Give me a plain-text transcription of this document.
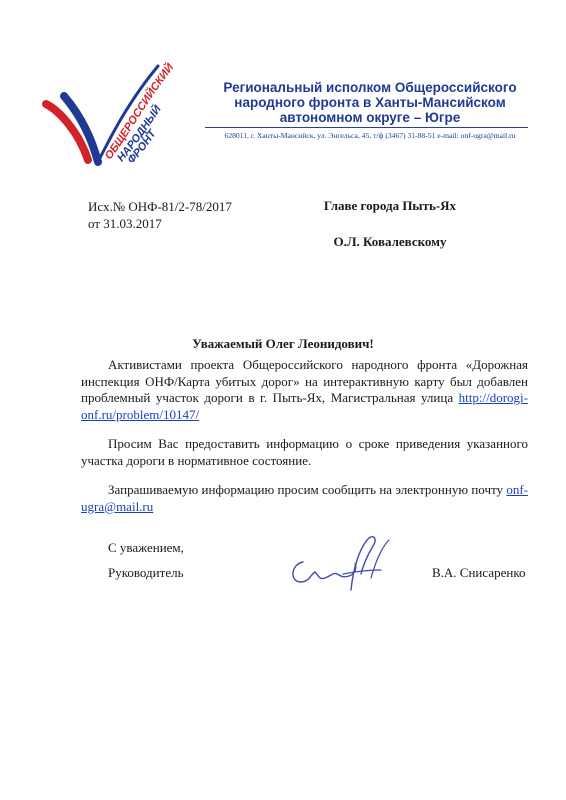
ОБЩЕРОССИЙСКИЙ
НАРОДНЫЙ
ФРОНТ
Региональный исполком Общероссийского
народного фронта в Ханты-Мансийском
автономном округе – Югре
628011, г. Ханты-Мансийск, ул. Энгельса, 45, т/ф (3467) 31-88-51 e-mail: onf-ugra@mail.ru
Исх.№ ОНФ-81/2-78/2017
от 31.03.2017
Главе города Пыть-Ях
О.Л. Ковалевскому
Уважаемый Олег Леонидович!

Активистами проекта Общероссийского народного фронта «Дорожная инспекция ОНФ/Карта убитых дорог» на интерактивную карту был добавлен проблемный участок дороги в г. Пыть-Ях, Магистральная улица http://dorogi-onf.ru/problem/10147/

Просим Вас предоставить информацию о сроке приведения указанного участка дороги в нормативное состояние.

Запрашиваемую информацию просим сообщить на электронную почту onf-ugra@mail.ru

С уважением,
Руководитель	В.А. Снисаренко
